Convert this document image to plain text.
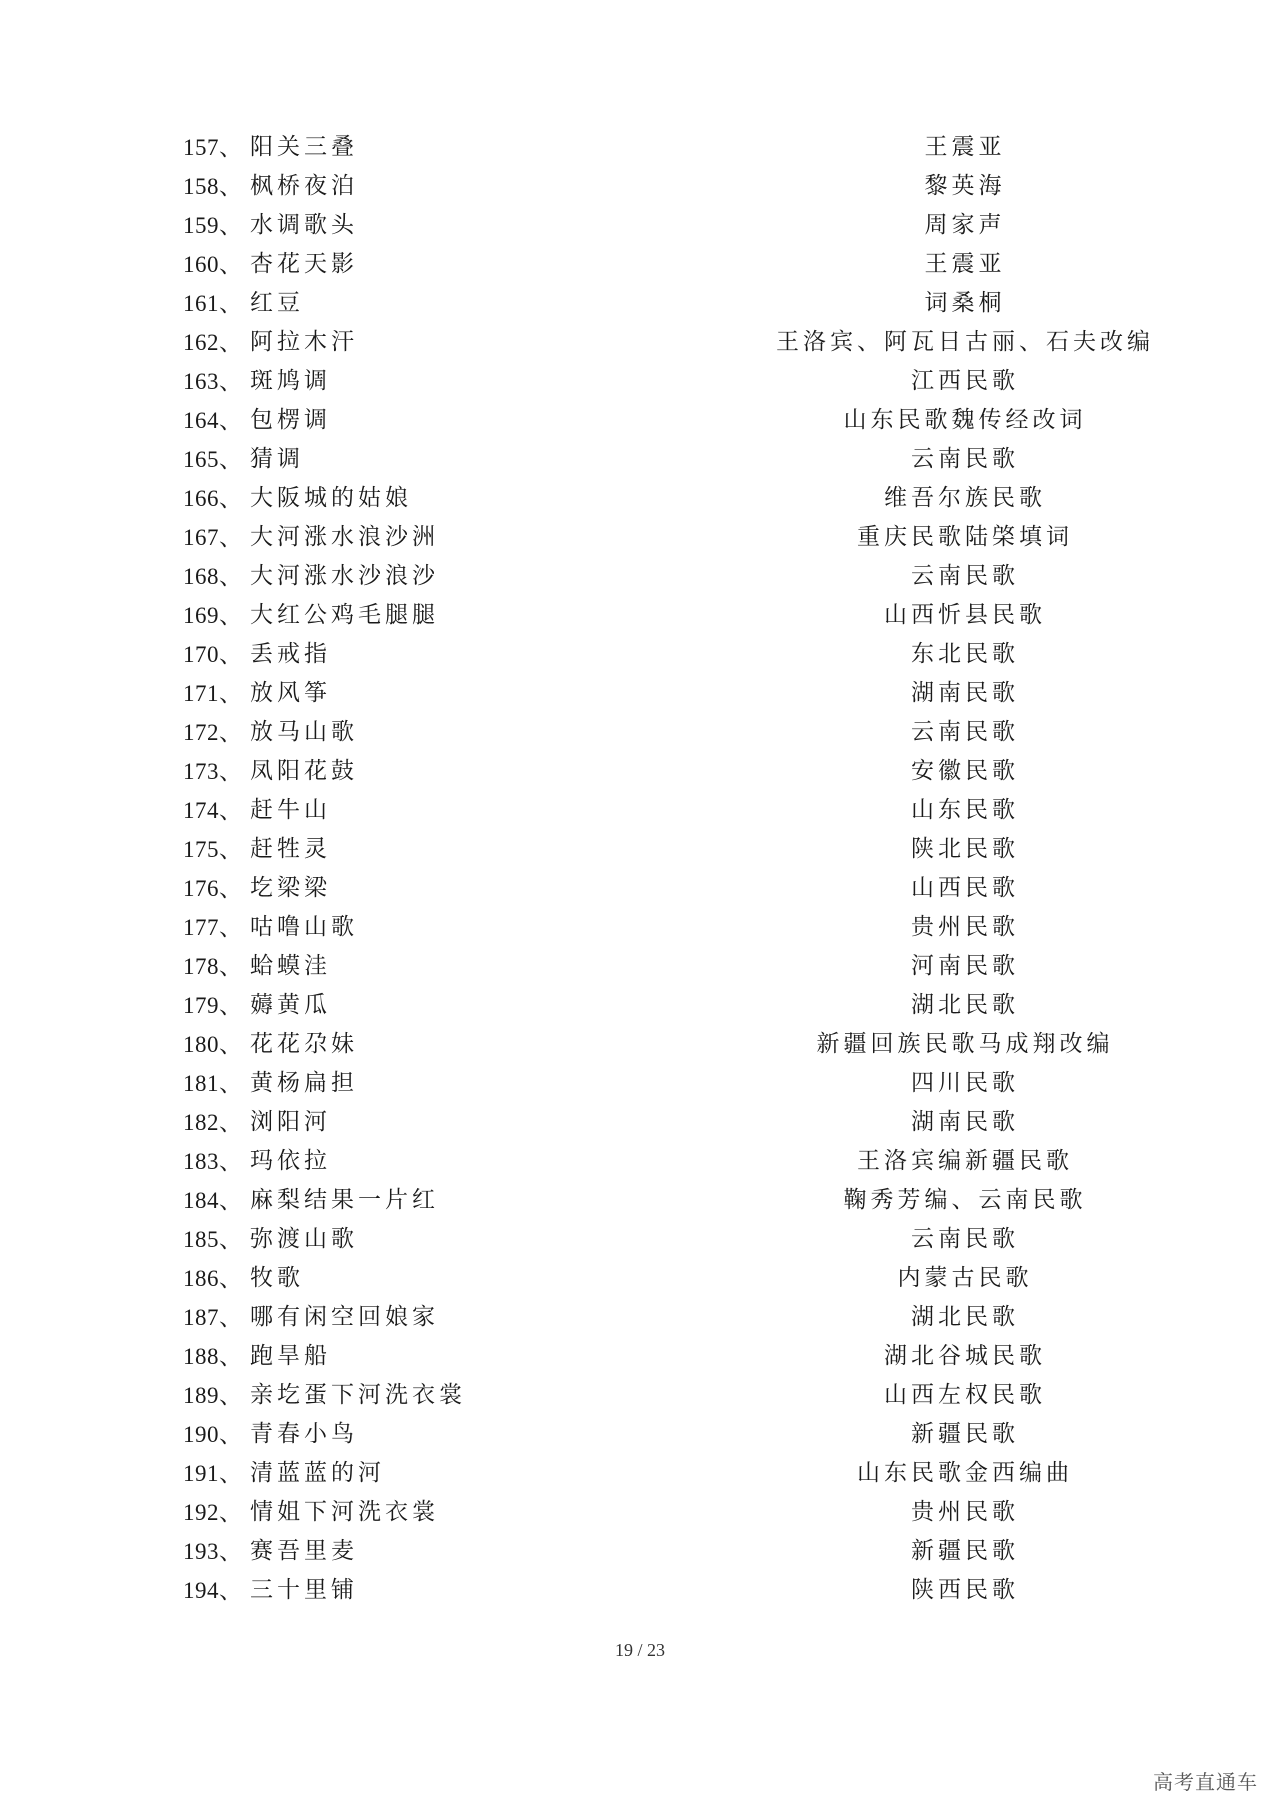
157、 阳关三叠	王震亚
158、 枫桥夜泊	黎英海
159、 水调歌头	周家声
160、 杏花天影	王震亚
161、 红豆	词桑桐
162、 阿拉木汗	王洛宾、阿瓦日古丽、石夫改编
163、 斑鸠调	江西民歌
164、 包楞调	山东民歌魏传经改词
165、 猜调	云南民歌
166、 大阪城的姑娘	维吾尔族民歌
167、 大河涨水浪沙洲	重庆民歌陆棨填词
168、 大河涨水沙浪沙	云南民歌
169、 大红公鸡毛腿腿	山西忻县民歌
170、 丢戒指	东北民歌
171、 放风筝	湖南民歌
172、 放马山歌	云南民歌
173、 凤阳花鼓	安徽民歌
174、 赶牛山	山东民歌
175、 赶牲灵	陕北民歌
176、 圪梁梁	山西民歌
177、 咕噜山歌	贵州民歌
178、 蛤蟆洼	河南民歌
179、 薅黄瓜	湖北民歌
180、 花花尕妹	新疆回族民歌马成翔改编
181、 黄杨扁担	四川民歌
182、 浏阳河	湖南民歌
183、 玛依拉	王洛宾编新疆民歌
184、 麻梨结果一片红	鞠秀芳编、云南民歌
185、 弥渡山歌	云南民歌
186、 牧歌	内蒙古民歌
187、 哪有闲空回娘家	湖北民歌
188、 跑旱船	湖北谷城民歌
189、 亲圪蛋下河洗衣裳	山西左权民歌
190、 青春小鸟	新疆民歌
191、 清蓝蓝的河	山东民歌金西编曲
192、 情姐下河洗衣裳	贵州民歌
193、 赛吾里麦	新疆民歌
194、 三十里铺	陕西民歌
19 / 23
高考直通车
